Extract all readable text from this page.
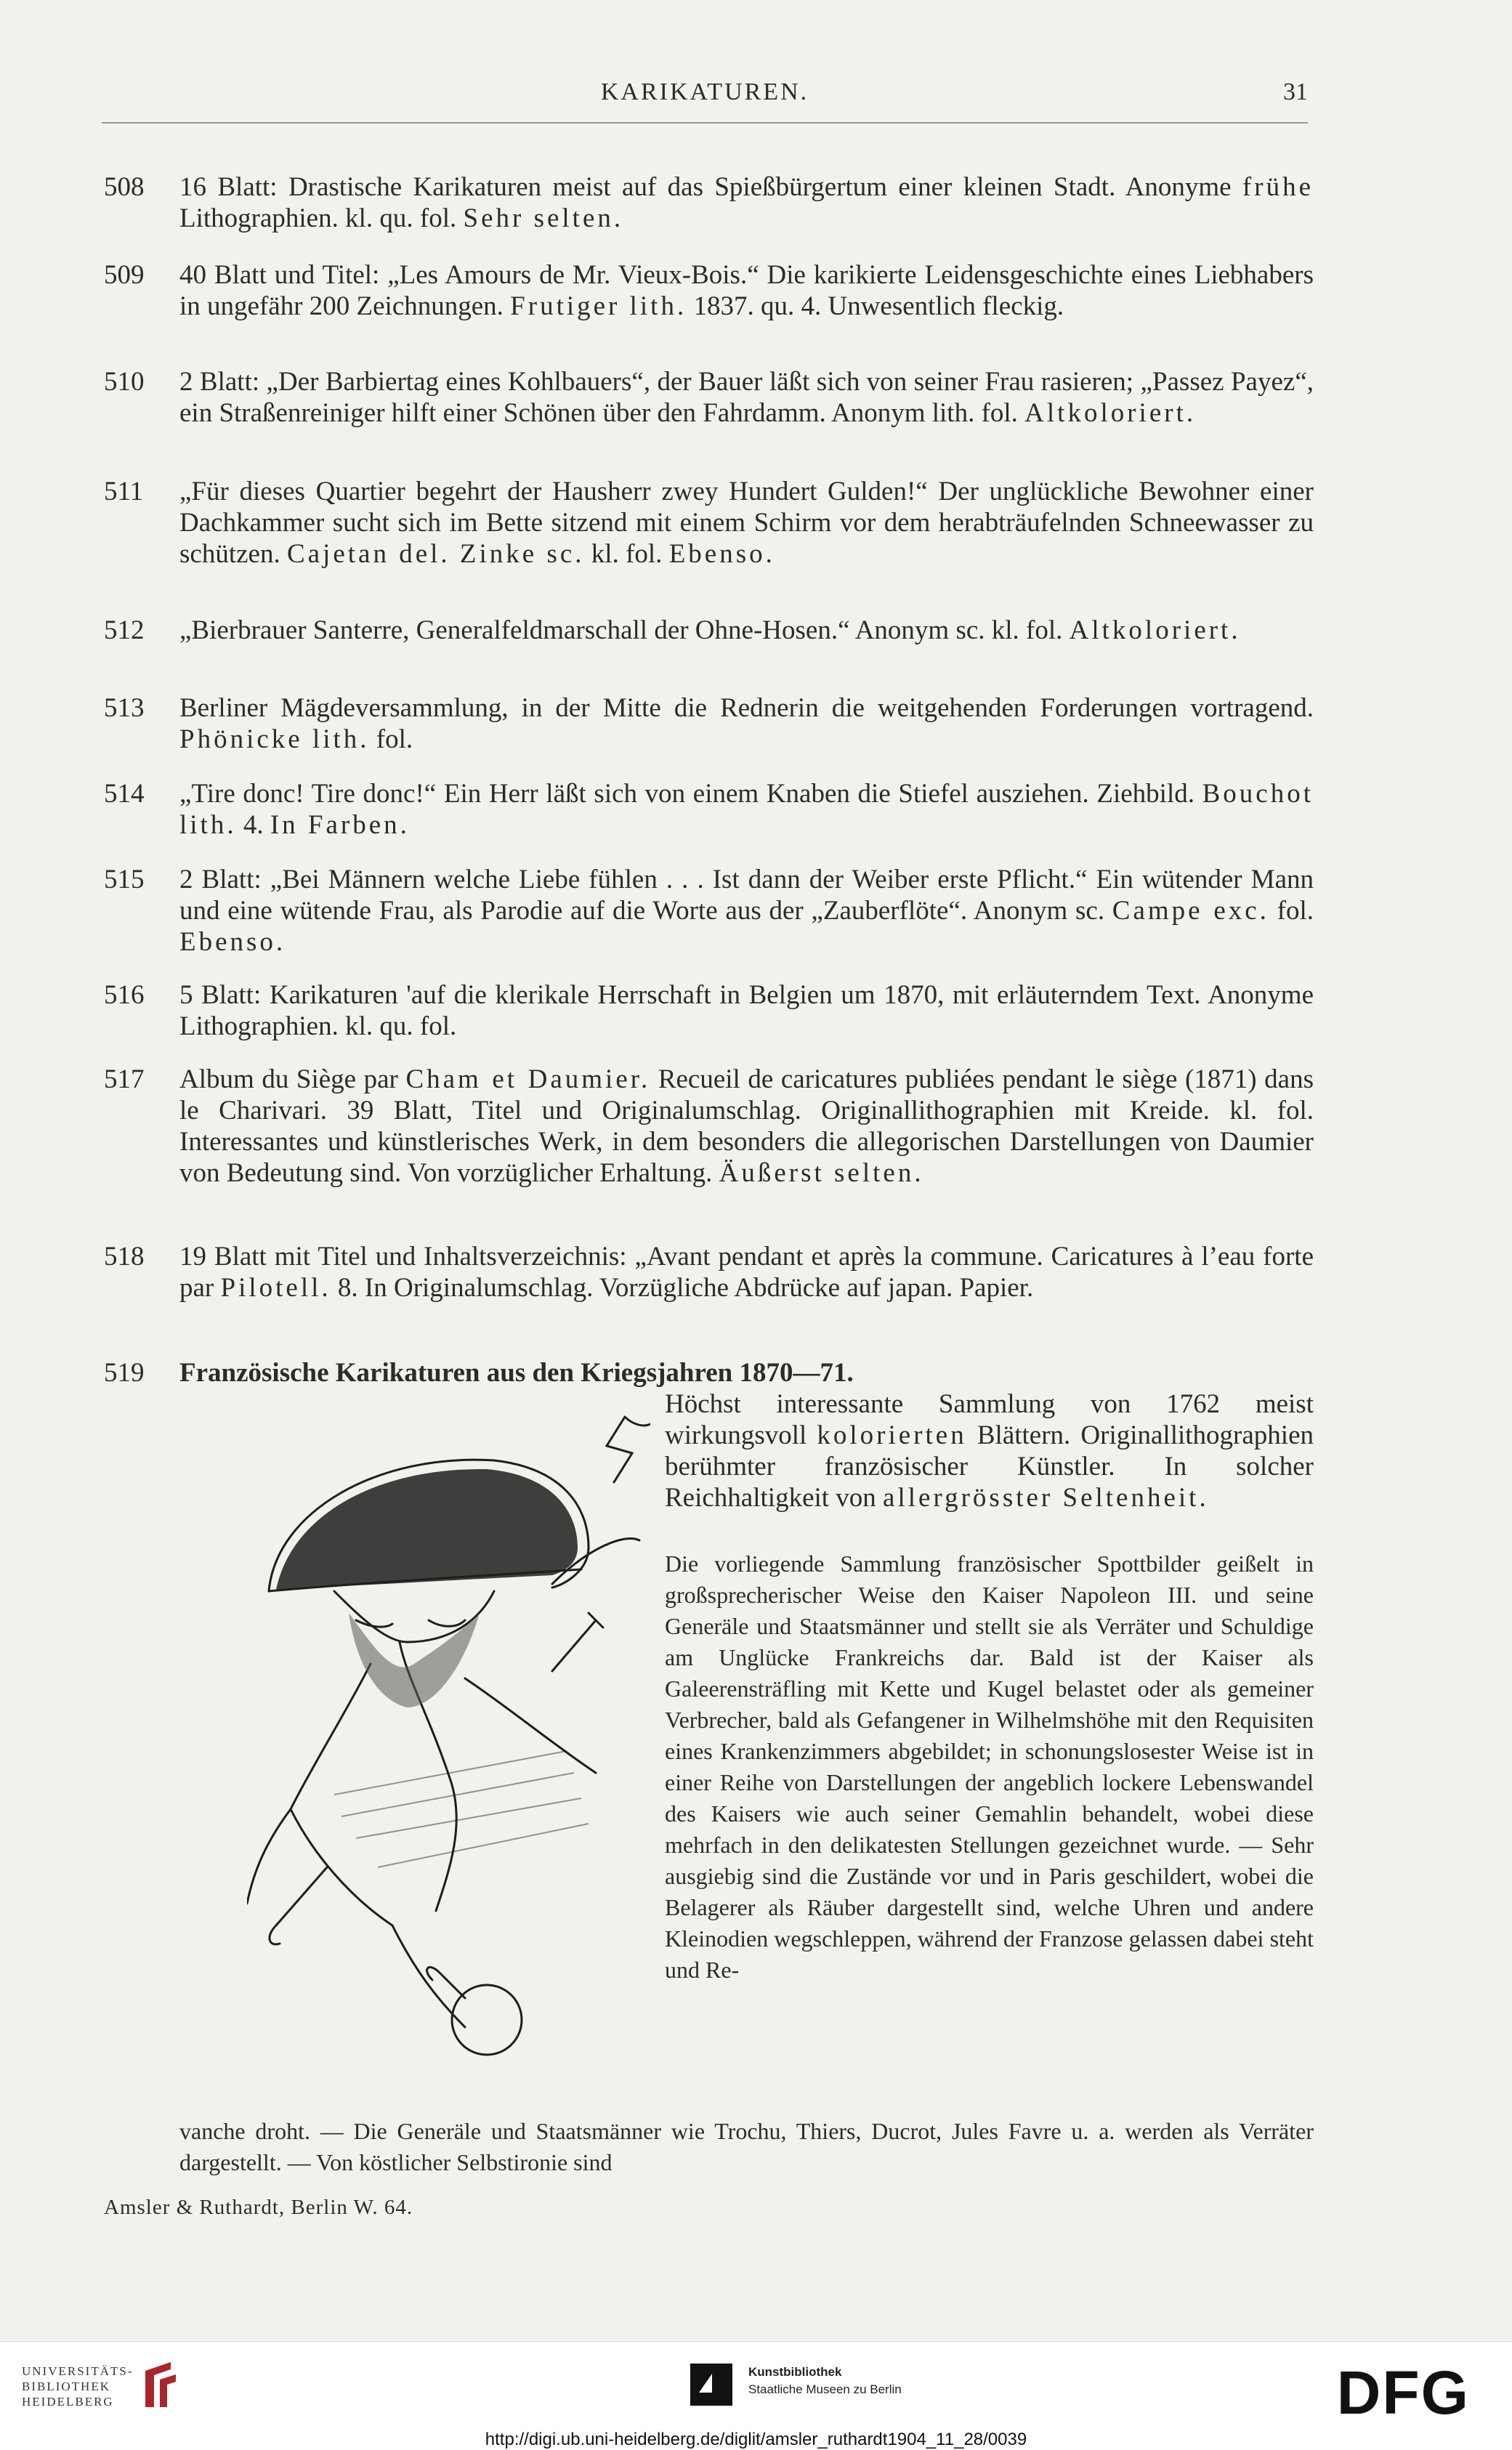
KARIKATUREN.	31
508 16 Blatt: Drastische Karikaturen meist auf das Spießbürgertum einer kleinen Stadt. Anonyme frühe Lithographien. kl. qu. fol. Sehr selten.
509 40 Blatt und Titel: „Les Amours de Mr. Vieux-Bois.“ Die karikierte Leidensgeschichte eines Liebhabers in ungefähr 200 Zeichnungen. Frutiger lith. 1837. qu. 4. Unwesentlich fleckig.
510 2 Blatt: „Der Barbiertag eines Kohlbauers“, der Bauer läßt sich von seiner Frau rasieren; „Passez Payez“, ein Straßenreiniger hilft einer Schönen über den Fahrdamm. Anonym lith. fol. Altkoloriert.
511 „Für dieses Quartier begehrt der Hausherr zwey Hundert Gulden!“ Der unglückliche Bewohner einer Dachkammer sucht sich im Bette sitzend mit einem Schirm vor dem herabträufelnden Schneewasser zu schützen. Cajetan del. Zinke sc. kl. fol. Ebenso.
512 „Bierbrauer Santerre, Generalfeldmarschall der Ohne-Hosen.“ Anonym sc. kl. fol. Altkoloriert.
513 Berliner Mägdeversammlung, in der Mitte die Rednerin die weitgehenden Forderungen vortragend. Phönicke lith. fol.
514 „Tire donc! Tire donc!“ Ein Herr läßt sich von einem Knaben die Stiefel ausziehen. Ziehbild. Bouchot lith. 4. In Farben.
515 2 Blatt: „Bei Männern welche Liebe fühlen . . . Ist dann der Weiber erste Pflicht.“ Ein wütender Mann und eine wütende Frau, als Parodie auf die Worte aus der „Zauberflöte“. Anonym sc. Campe exc. fol. Ebenso.
516 5 Blatt: Karikaturen 'auf die klerikale Herrschaft in Belgien um 1870, mit erläuterndem Text. Anonyme Lithographien. kl. qu. fol.
517 Album du Siège par Cham et Daumier. Recueil de caricatures publiées pendant le siège (1871) dans le Charivari. 39 Blatt, Titel und Originalumschlag. Originallithographien mit Kreide. kl. fol. Interessantes und künstlerisches Werk, in dem besonders die allegorischen Darstellungen von Daumier von Bedeutung sind. Von vorzüglicher Erhaltung. Äußerst selten.
518 19 Blatt mit Titel und Inhaltsverzeichnis: „Avant pendant et après la commune. Caricatures à l’eau forte par Pilotell. 8. In Originalumschlag. Vorzügliche Abdrücke auf japan. Papier.
519 Französische Karikaturen aus den Kriegsjahren 1870—71.
Höchst interessante Sammlung von 1762 meist wirkungsvoll kolorierten Blättern. Originallithographien berühmter französischer Künstler. In solcher Reichhaltigkeit von allergrösster Seltenheit.
Die vorliegende Sammlung französischer Spottbilder geißelt in großsprecherischer Weise den Kaiser Napoleon III. und seine Generäle und Staatsmänner und stellt sie als Verräter und Schuldige am Unglücke Frankreichs dar. Bald ist der Kaiser als Galeerensträfling mit Kette und Kugel belastet oder als gemeiner Verbrecher, bald als Gefangener in Wilhelmshöhe mit den Requisiten eines Krankenzimmers abgebildet; in schonungslosester Weise ist in einer Reihe von Darstellungen der angeblich lockere Lebenswandel des Kaisers wie auch seiner Gemahlin behandelt, wobei diese mehrfach in den delikatesten Stellungen gezeichnet wurde. — Sehr ausgiebig sind die Zustände vor und in Paris geschildert, wobei die Belagerer als Räuber dargestellt sind, welche Uhren und andere Kleinodien wegschleppen, während der Franzose gelassen dabei steht und Re-
vanche droht. — Die Generäle und Staatsmänner wie Trochu, Thiers, Ducrot, Jules Favre u. a. werden als Verräter dargestellt. — Von köstlicher Selbstironie sind
Amsler & Ruthardt, Berlin W. 64.
UNIVERSITÄTS-
BIBLIOTHEK
HEIDELBERG
Kunstbibliothek
Staatliche Museen zu Berlin	DFG
http://digi.ub.uni-heidelberg.de/diglit/amsler_ruthardt1904_11_28/0039
